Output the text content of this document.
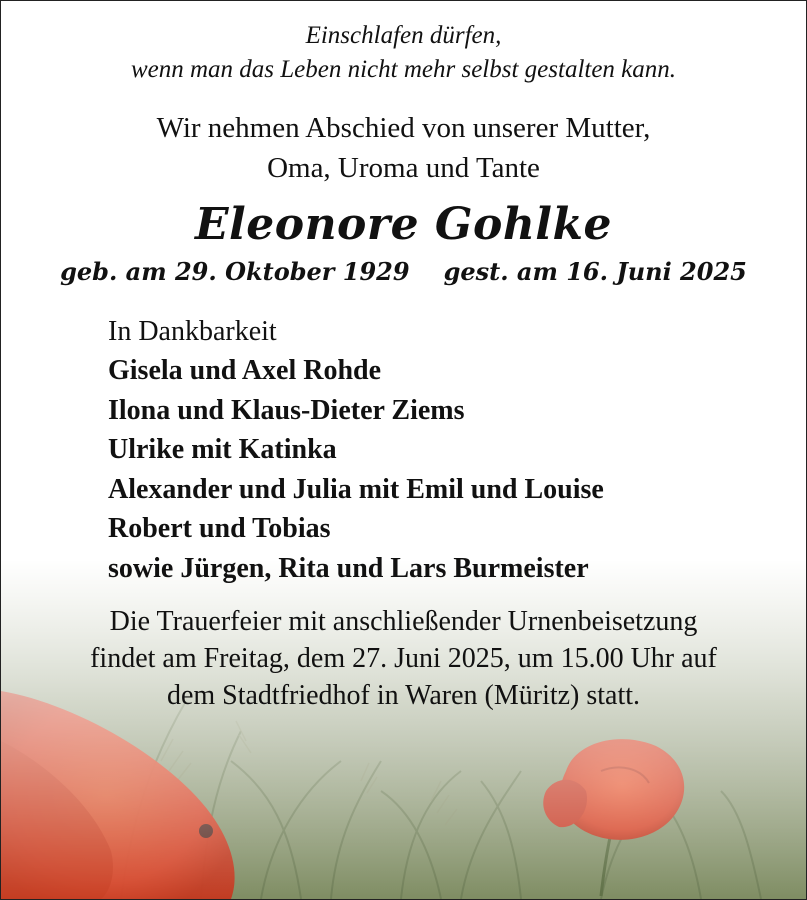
Einschlafen dürfen,
wenn man das Leben nicht mehr selbst gestalten kann.
Wir nehmen Abschied von unserer Mutter,
Oma, Uroma und Tante
Eleonore Gohlke
geb. am 29. Oktober 1929 gest. am 16. Juni 2025
In Dankbarkeit
Gisela und Axel Rohde
Ilona und Klaus-Dieter Ziems
Ulrike mit Katinka
Alexander und Julia mit Emil und Louise
Robert und Tobias
sowie Jürgen, Rita und Lars Burmeister
Die Trauerfeier mit anschließender Urnenbeisetzung
findet am Freitag, dem 27. Juni 2025, um 15.00 Uhr auf
dem Stadtfriedhof in Waren (Müritz) statt.
